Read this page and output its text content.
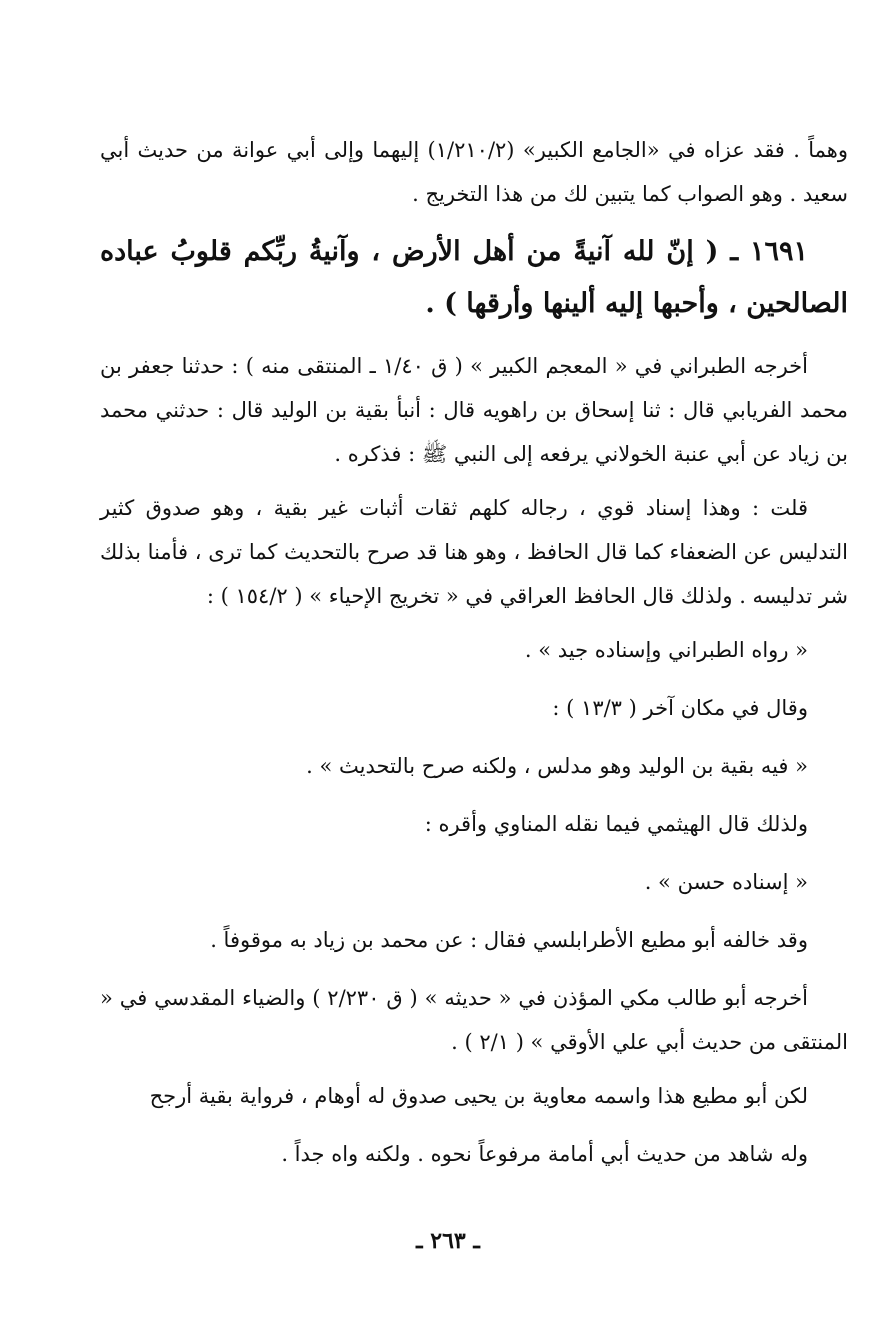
وهماً . فقد عزاه في «الجامع الكبير» (١/٢١٠/٢) إليهما وإلى أبي عوانة من حديث أبي سعيد . وهو الصواب كما يتبين لك من هذا التخريج .

١٦٩١ ـ ( إنّ لله آنيةً من أهل الأرض ، وآنيةُ ربِّكم قلوبُ عباده الصالحين ، وأحبها إليه ألينها وأرقها ) .

أخرجه الطبراني في « المعجم الكبير » ( ق ١/٤٠ ـ المنتقى منه ) : حدثنا جعفر بن محمد الفريابي قال : ثنا إسحاق بن راهويه قال : أنبأ بقية بن الوليد قال : حدثني محمد بن زياد عن أبي عنبة الخولاني يرفعه إلى النبي ﷺ : فذكره .

قلت : وهذا إسناد قوي ، رجاله كلهم ثقات أثبات غير بقية ، وهو صدوق كثير التدليس عن الضعفاء كما قال الحافظ ، وهو هنا قد صرح بالتحديث كما ترى ، فأمنا بذلك شر تدليسه . ولذلك قال الحافظ العراقي في « تخريج الإحياء » ( ١٥٤/٢ ) :

« رواه الطبراني وإسناده جيد » .

وقال في مكان آخر ( ١٣/٣ ) :

« فيه بقية بن الوليد وهو مدلس ، ولكنه صرح بالتحديث » .

ولذلك قال الهيثمي فيما نقله المناوي وأقره :

« إسناده حسن » .

وقد خالفه أبو مطيع الأطرابلسي فقال : عن محمد بن زياد به موقوفاً .

أخرجه أبو طالب مكي المؤذن في « حديثه » ( ق ٢/٢٣٠ ) والضياء المقدسي في « المنتقى من حديث أبي علي الأوقي » ( ٢/١ ) .

لكن أبو مطيع هذا واسمه معاوية بن يحيى صدوق له أوهام ، فرواية بقية أرجح

وله شاهد من حديث أبي أمامة مرفوعاً نحوه . ولكنه واه جداً .

ـ ٢٦٣ ـ
